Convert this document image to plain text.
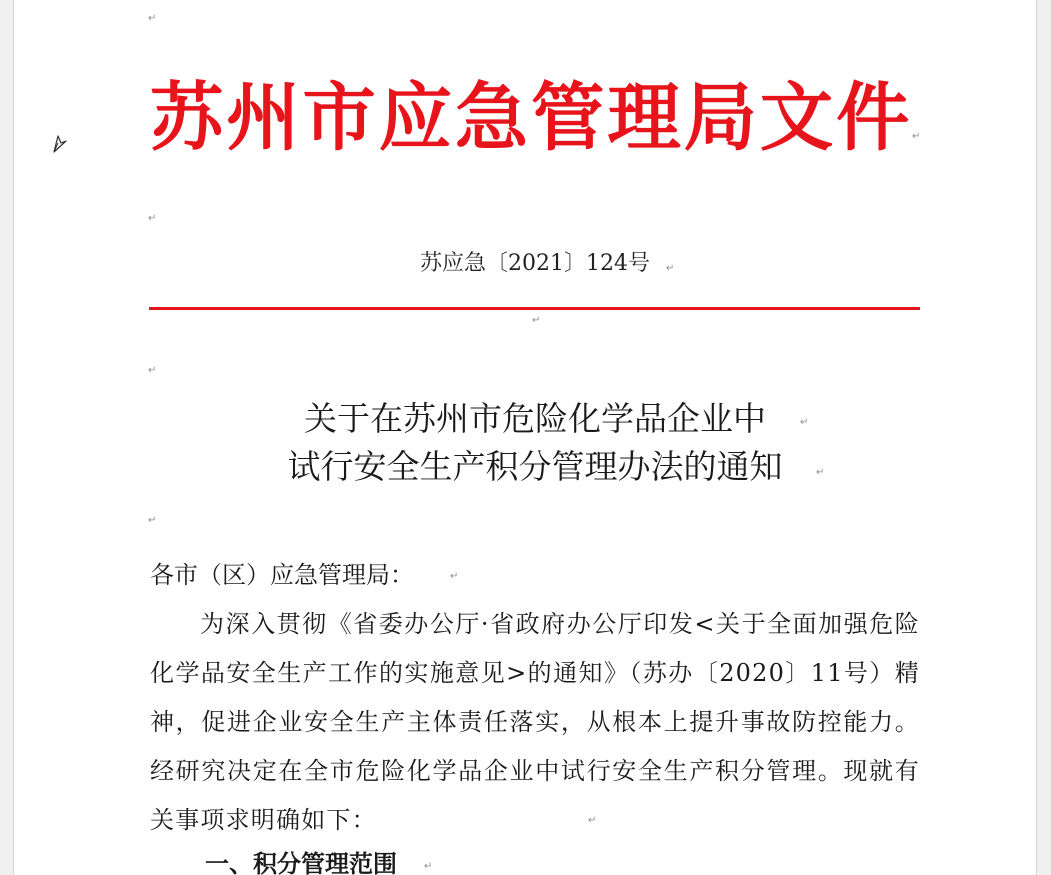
↵
↵
↵
↵
↵
↵
↵
↵
↵
↵
↵
↵
苏州市应急管理局文件
苏应急〔2021〕124号
关于在苏州市危险化学品企业中
试行安全生产积分管理办法的通知
各市（区）应急管理局：

为深入贯彻《省委办公厅·省政府办公厅印发<关于全面加强危险化学品安全生产工作的实施意见>的通知》（苏办〔2020〕11号）精神，促进企业安全生产主体责任落实，从根本上提升事故防控能力。经研究决定在全市危险化学品企业中试行安全生产积分管理。现就有关事项求明确如下：

一、积分管理范围
